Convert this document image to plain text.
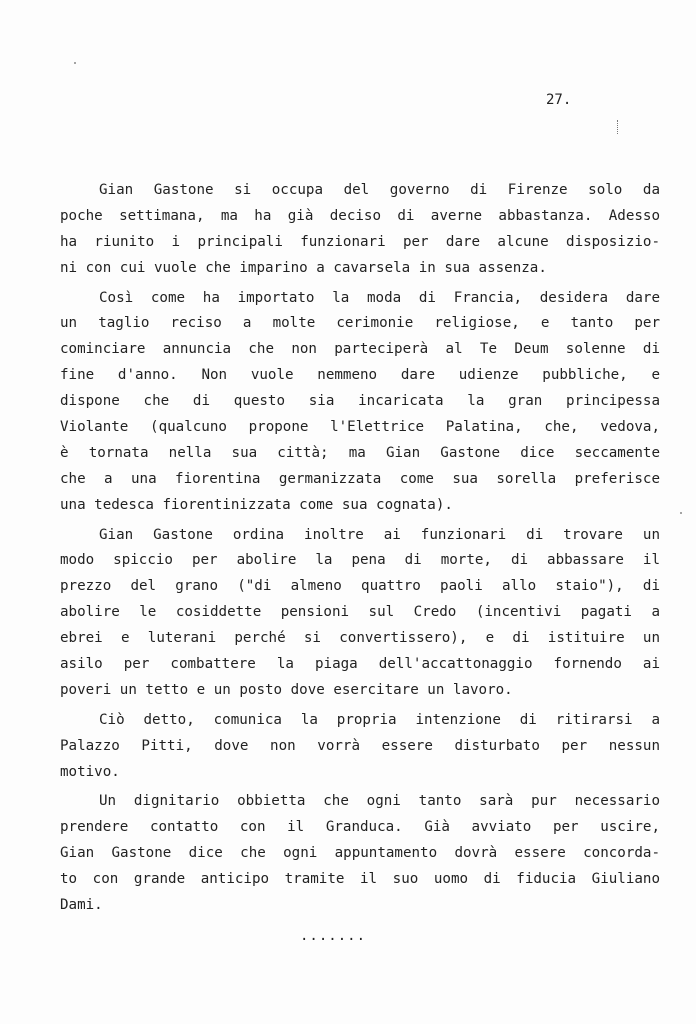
27.
Gian Gastone si occupa del governo di Firenze solo da
poche settimana, ma ha già deciso di averne abbastanza. Adesso
ha riunito i principali funzionari per dare alcune disposizio-
ni con cui vuole che imparino a cavarsela in sua assenza.
Così come ha importato la moda di Francia, desidera dare
un taglio reciso a molte cerimonie religiose, e tanto per
cominciare annuncia che non parteciperà al Te Deum solenne di
fine d'anno. Non vuole nemmeno dare udienze pubbliche, e
dispone che di questo sia incaricata la gran principessa
Violante (qualcuno propone l'Elettrice Palatina, che, vedova,
è tornata nella sua città; ma Gian Gastone dice seccamente
che a una fiorentina germanizzata come sua sorella preferisce
una tedesca fiorentinizzata come sua cognata).
Gian Gastone ordina inoltre ai funzionari di trovare un
modo spiccio per abolire la pena di morte, di abbassare il
prezzo del grano ("di almeno quattro paoli allo staio"), di
abolire le cosiddette pensioni sul Credo (incentivi pagati a
ebrei e luterani perché si convertissero), e di istituire un
asilo per combattere la piaga dell'accattonaggio fornendo ai
poveri un tetto e un posto dove esercitare un lavoro.
Ciò detto, comunica la propria intenzione di ritirarsi a
Palazzo Pitti, dove non vorrà essere disturbato per nessun
motivo.
Un dignitario obbietta che ogni tanto sarà pur necessario
prendere contatto con il Granduca. Già avviato per uscire,
Gian Gastone dice che ogni appuntamento dovrà essere concorda-
to con grande anticipo tramite il suo uomo di fiducia Giuliano
Dami.
.......
